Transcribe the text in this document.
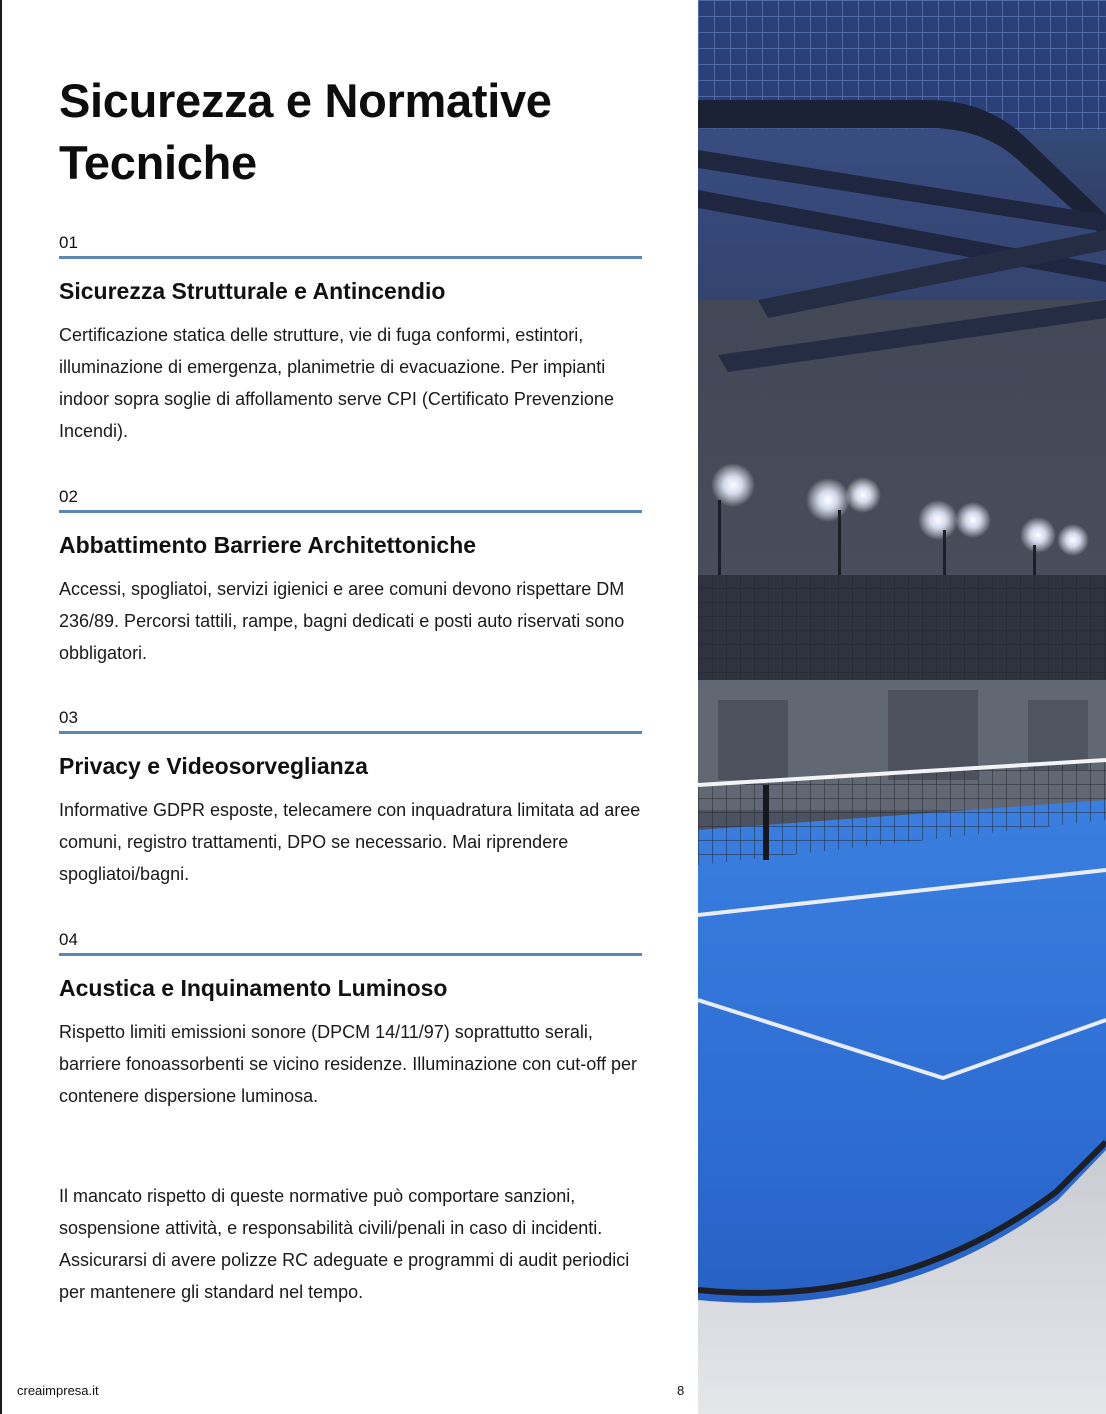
Sicurezza e Normative
Tecniche
01
Sicurezza Strutturale e Antincendio
Certificazione statica delle strutture, vie di fuga conformi, estintori, illuminazione di emergenza, planimetrie di evacuazione. Per impianti indoor sopra soglie di affollamento serve CPI (Certificato Prevenzione Incendi).
02
Abbattimento Barriere Architettoniche
Accessi, spogliatoi, servizi igienici e aree comuni devono rispettare DM 236/89. Percorsi tattili, rampe, bagni dedicati e posti auto riservati sono obbligatori.
03
Privacy e Videosorveglianza
Informative GDPR esposte, telecamere con inquadratura limitata ad aree comuni, registro trattamenti, DPO se necessario. Mai riprendere spogliatoi/bagni.
04
Acustica e Inquinamento Luminoso
Rispetto limiti emissioni sonore (DPCM 14/11/97) soprattutto serali, barriere fonoassorbenti se vicino residenze. Illuminazione con cut-off per contenere dispersione luminosa.
Il mancato rispetto di queste normative può comportare sanzioni, sospensione attività, e responsabilità civili/penali in caso di incidenti. Assicurarsi di avere polizze RC adeguate e programmi di audit periodici per mantenere gli standard nel tempo.
creaimpresa.it	8
